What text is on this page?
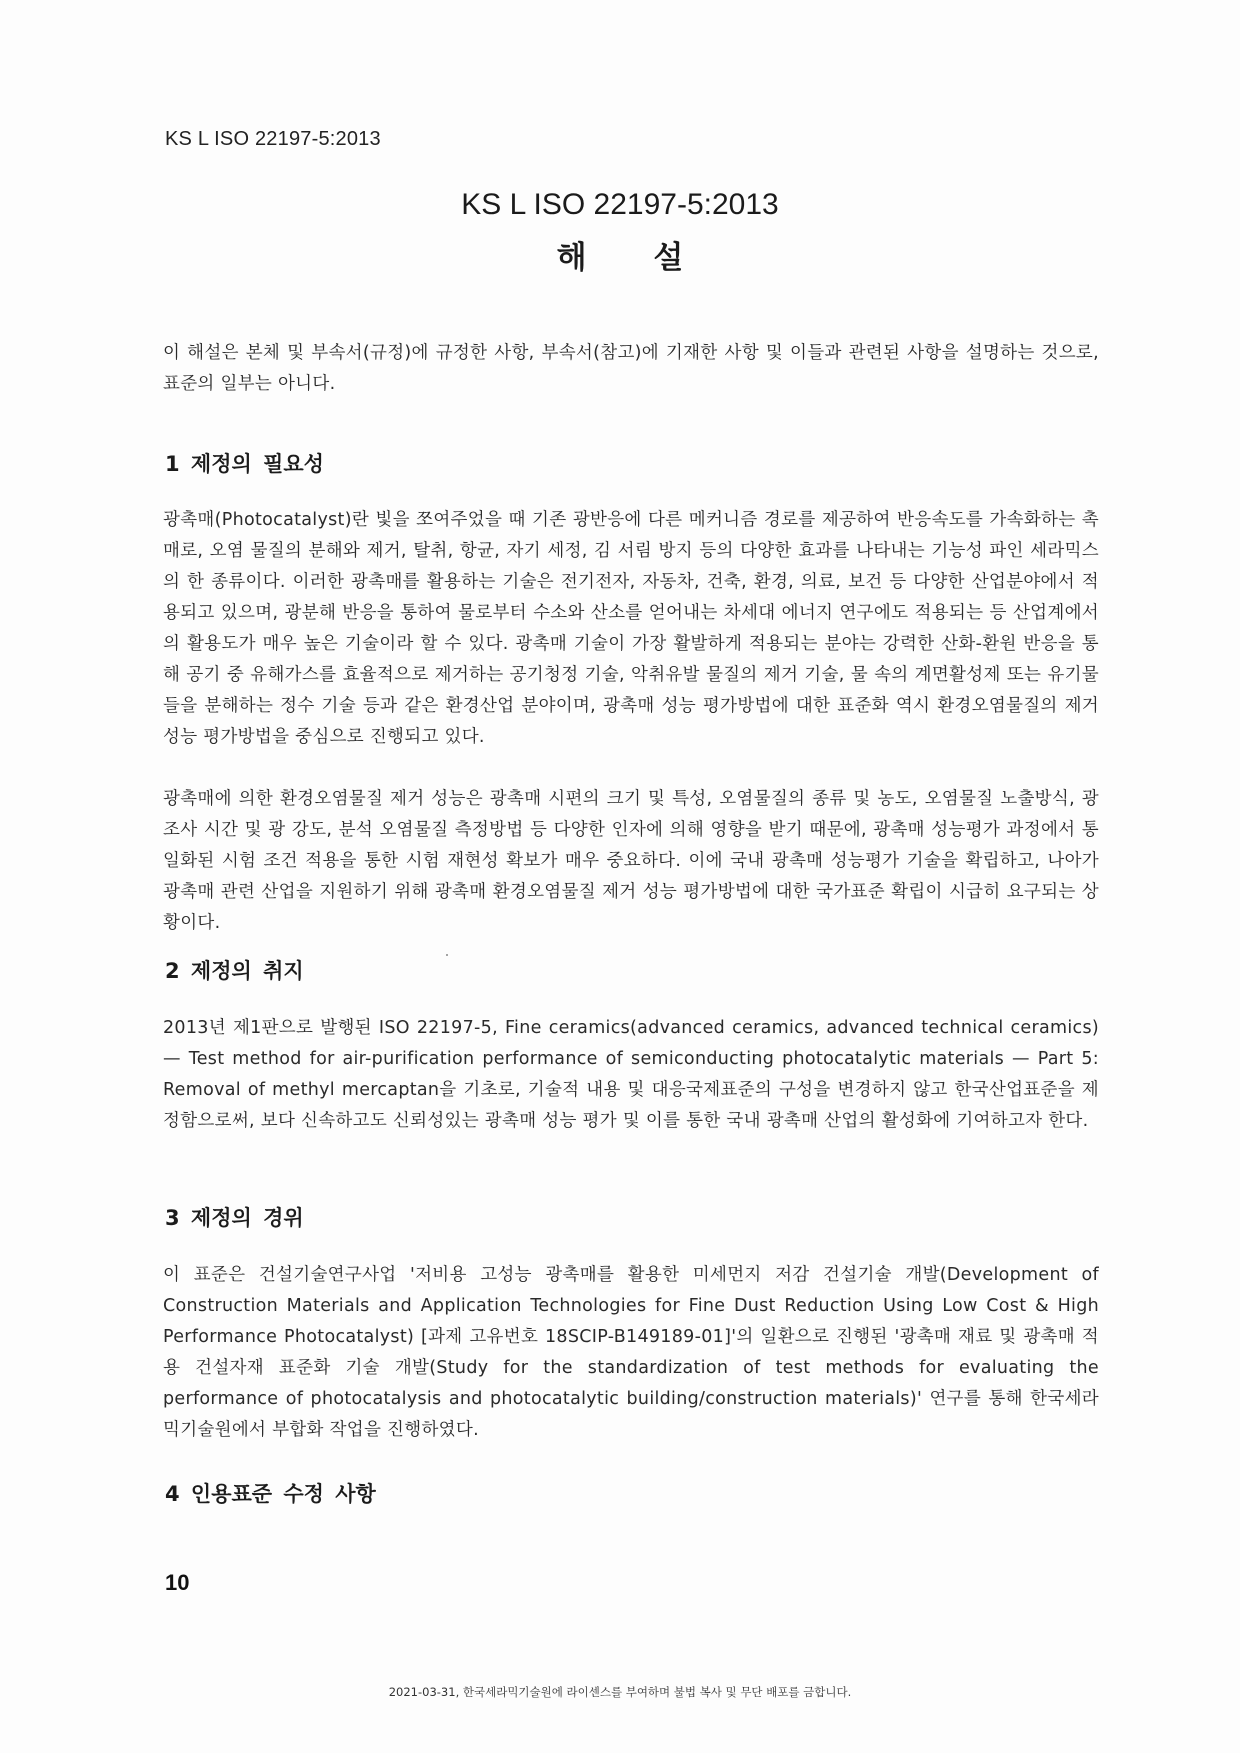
KS L ISO 22197-5:2013
KS L ISO 22197-5:2013
해 설
이 해설은 본체 및 부속서(규정)에 규정한 사항, 부속서(참고)에 기재한 사항 및 이들과 관련된 사항을 설명하는 것으로, 표준의 일부는 아니다.
1 제정의 필요성
광촉매(Photocatalyst)란 빛을 쪼여주었을 때 기존 광반응에 다른 메커니즘 경로를 제공하여 반응속도를 가속화하는 촉매로, 오염 물질의 분해와 제거, 탈취, 항균, 자기 세정, 김 서림 방지 등의 다양한 효과를 나타내는 기능성 파인 세라믹스의 한 종류이다. 이러한 광촉매를 활용하는 기술은 전기전자, 자동차, 건축, 환경, 의료, 보건 등 다양한 산업분야에서 적용되고 있으며, 광분해 반응을 통하여 물로부터 수소와 산소를 얻어내는 차세대 에너지 연구에도 적용되는 등 산업계에서의 활용도가 매우 높은 기술이라 할 수 있다. 광촉매 기술이 가장 활발하게 적용되는 분야는 강력한 산화-환원 반응을 통해 공기 중 유해가스를 효율적으로 제거하는 공기청정 기술, 악취유발 물질의 제거 기술, 물 속의 계면활성제 또는 유기물들을 분해하는 정수 기술 등과 같은 환경산업 분야이며, 광촉매 성능 평가방법에 대한 표준화 역시 환경오염물질의 제거 성능 평가방법을 중심으로 진행되고 있다.
광촉매에 의한 환경오염물질 제거 성능은 광촉매 시편의 크기 및 특성, 오염물질의 종류 및 농도, 오염물질 노출방식, 광 조사 시간 및 광 강도, 분석 오염물질 측정방법 등 다양한 인자에 의해 영향을 받기 때문에, 광촉매 성능평가 과정에서 통일화된 시험 조건 적용을 통한 시험 재현성 확보가 매우 중요하다. 이에 국내 광촉매 성능평가 기술을 확립하고, 나아가 광촉매 관련 산업을 지원하기 위해 광촉매 환경오염물질 제거 성능 평가방법에 대한 국가표준 확립이 시급히 요구되는 상황이다.
2 제정의 취지
2013년 제1판으로 발행된 ISO 22197-5, Fine ceramics(advanced ceramics, advanced technical ceramics) — Test method for air-purification performance of semiconducting photocatalytic materials — Part 5: Removal of methyl mercaptan을 기초로, 기술적 내용 및 대응국제표준의 구성을 변경하지 않고 한국산업표준을 제정함으로써, 보다 신속하고도 신뢰성있는 광촉매 성능 평가 및 이를 통한 국내 광촉매 산업의 활성화에 기여하고자 한다.
3 제정의 경위
이 표준은 건설기술연구사업 '저비용 고성능 광촉매를 활용한 미세먼지 저감 건설기술 개발(Development of Construction Materials and Application Technologies for Fine Dust Reduction Using Low Cost & High Performance Photocatalyst) [과제 고유번호 18SCIP-B149189-01]'의 일환으로 진행된 '광촉매 재료 및 광촉매 적용 건설자재 표준화 기술 개발(Study for the standardization of test methods for evaluating the performance of photocatalysis and photocatalytic building/construction materials)' 연구를 통해 한국세라믹기술원에서 부합화 작업을 진행하였다.
4 인용표준 수정 사항
10
2021-03-31, 한국세라믹기술원에 라이센스를 부여하며 불법 복사 및 무단 배포를 금합니다.
